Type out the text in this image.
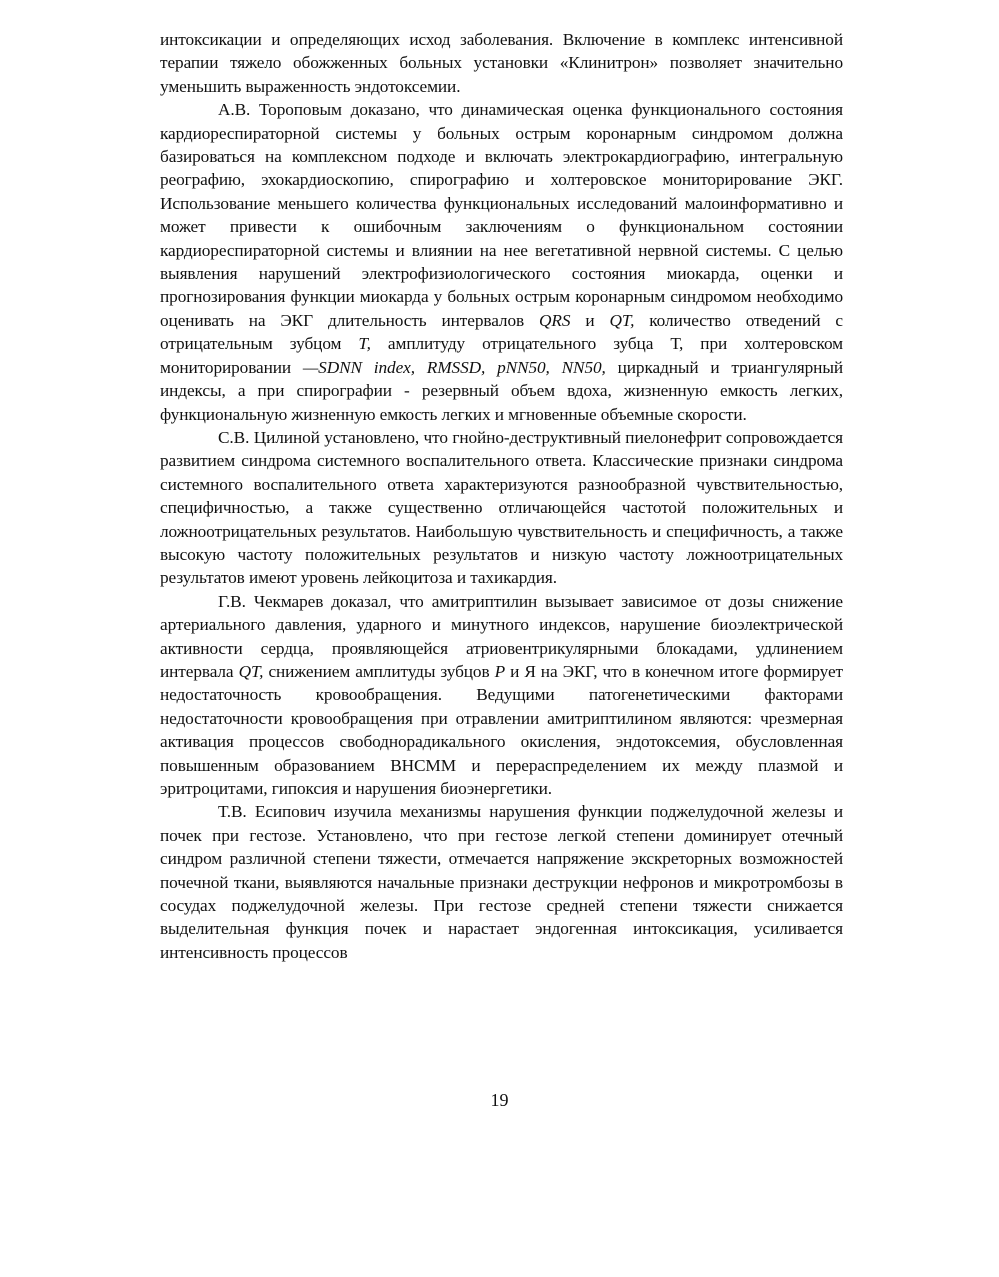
интоксикации и определяющих исход заболевания. Включение в комплекс интенсивной терапии тяжело обожженных больных установки «Клинитрон» позволяет значительно уменьшить выраженность эндотоксемии.

А.В. Тороповым доказано, что динамическая оценка функционального состояния кардиореспираторной системы у больных острым коронарным синдромом должна базироваться на комплексном подходе и включать электрокардиографию, интегральную реографию, эхокардиоскопию, спирографию и холтеровское мониторирование ЭКГ. Использование меньшего количества функциональных исследований малоинформативно и может привести к ошибочным заключениям о функциональном состоянии кардиореспираторной системы и влиянии на нее вегетативной нервной системы. С целью выявления нарушений электрофизиологического состояния миокарда, оценки и прогнозирования функции миокарда у больных острым коронарным синдромом необходимо оценивать на ЭКГ длительность интервалов QRS и QT, количество отведений с отрицательным зубцом T, амплитуду отрицательного зубца Т, при холтеровском мониторировании —SDNN index, RMSSD, pNN50, NN50, циркадный и триангулярный индексы, а при спирографии - резервный объем вдоха, жизненную емкость легких, функциональную жизненную емкость легких и мгновенные объемные скорости.

С.В. Цилиной установлено, что гнойно-деструктивный пиелонефрит сопровождается развитием синдрома системного воспалительного ответа. Классические признаки синдрома системного воспалительного ответа характеризуются разнообразной чувствительностью, специфичностью, а также существенно отличающейся частотой положительных и ложноотрицательных результатов. Наибольшую чувствительность и специфичность, а также высокую частоту положительных результатов и низкую частоту ложноотрицательных результатов имеют уровень лейкоцитоза и тахикардия.

Г.В. Чекмарев доказал, что амитриптилин вызывает зависимое от дозы снижение артериального давления, ударного и минутного индексов, нарушение биоэлектрической активности сердца, проявляющейся атриовентрикулярными блокадами, удлинением интервала QT, снижением амплитуды зубцов P и Я на ЭКГ, что в конечном итоге формирует недостаточность кровообращения. Ведущими патогенетическими факторами недостаточности кровообращения при отравлении амитриптилином являются: чрезмерная активация процессов свободнорадикального окисления, эндотоксемия, обусловленная повышенным образованием ВНСММ и перераспределением их между плазмой и эритроцитами, гипоксия и нарушения биоэнергетики.

Т.В. Есипович изучила механизмы нарушения функции поджелудочной железы и почек при гестозе. Установлено, что при гестозе легкой степени доминирует отечный синдром различной степени тяжести, отмечается напряжение экскреторных возможностей почечной ткани, выявляются начальные признаки деструкции нефронов и микротромбозы в сосудах поджелудочной железы. При гестозе средней степени тяжести снижается выделительная функция почек и нарастает эндогенная интоксикация, усиливается интенсивность процессов

19
